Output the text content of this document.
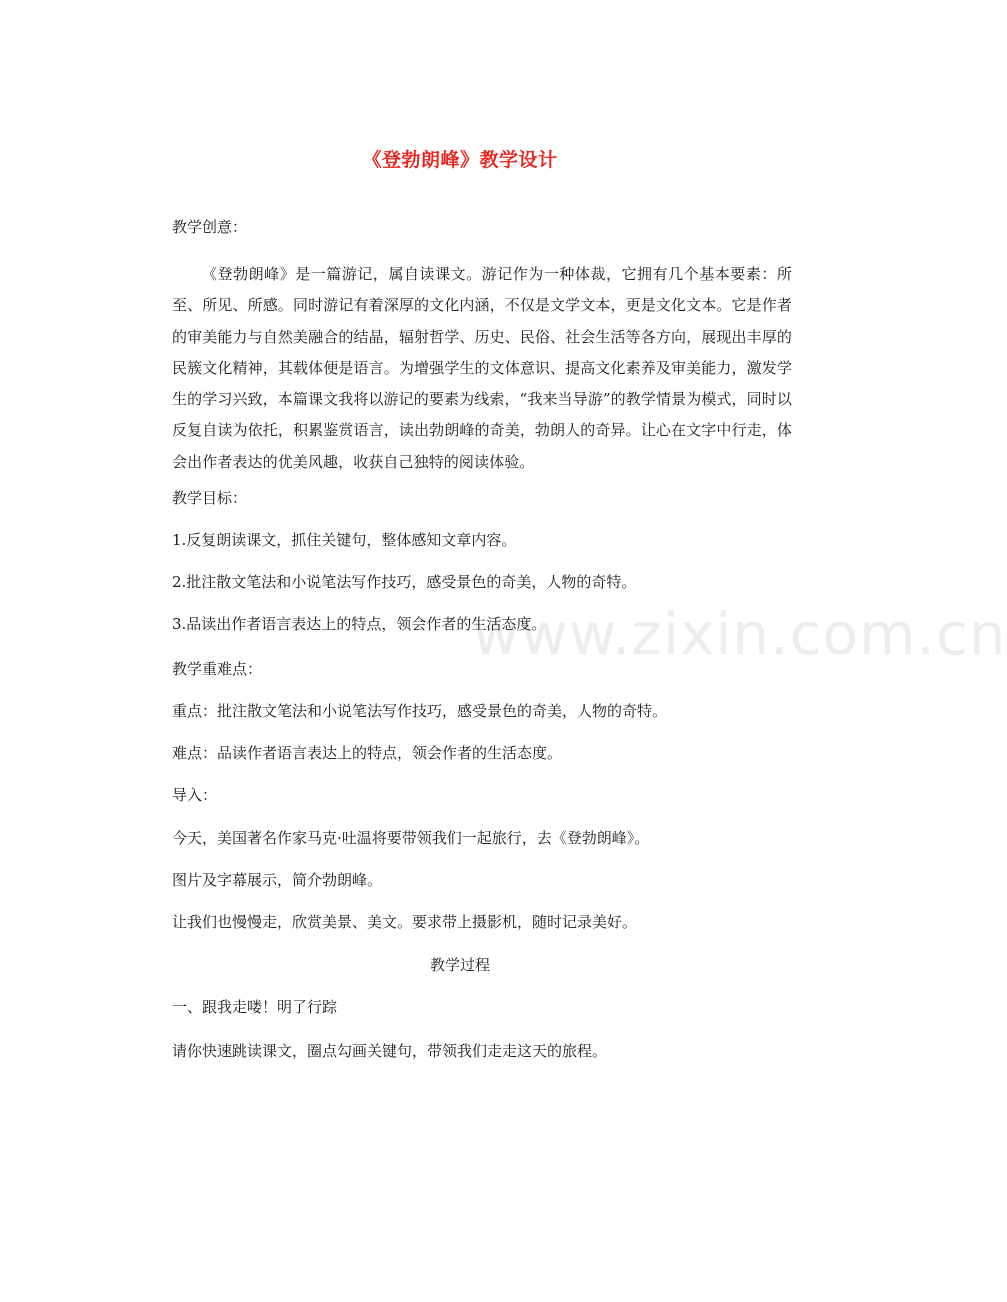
www.zixin.com.cn
《登勃朗峰》教学设计
教学创意：
《登勃朗峰》是一篇游记，属自读课文。游记作为一种体裁，它拥有几个基本要素：所至、所见、所感。同时游记有着深厚的文化内涵，不仅是文学文本，更是文化文本。它是作者的审美能力与自然美融合的结晶，辐射哲学、历史、民俗、社会生活等各方向，展现出丰厚的民簇文化精神，其载体便是语言。为增强学生的文体意识、提高文化素养及审美能力，激发学生的学习兴致，本篇课文我将以游记的要素为线索，“我来当导游”的教学情景为模式，同时以反复自读为依托，积累鉴赏语言，读出勃朗峰的奇美，勃朗人的奇异。让心在文字中行走，体会出作者表达的优美风趣，收获自己独特的阅读体验。
教学目标：
1.反复朗读课文，抓住关键句，整体感知文章内容。
2.批注散文笔法和小说笔法写作技巧，感受景色的奇美，人物的奇特。
3.品读出作者语言表达上的特点，领会作者的生活态度。
教学重难点：
重点：批注散文笔法和小说笔法写作技巧，感受景色的奇美，人物的奇特。
难点：品读作者语言表达上的特点，领会作者的生活态度。
导入：
今天，美国著名作家马克·吐温将要带领我们一起旅行，去《登勃朗峰》。
图片及字幕展示，简介勃朗峰。
让我们也慢慢走，欣赏美景、美文。要求带上摄影机，随时记录美好。
一、跟我走喽！明了行踪
请你快速跳读课文，圈点勾画关键句，带领我们走走这天的旅程。
教学过程
